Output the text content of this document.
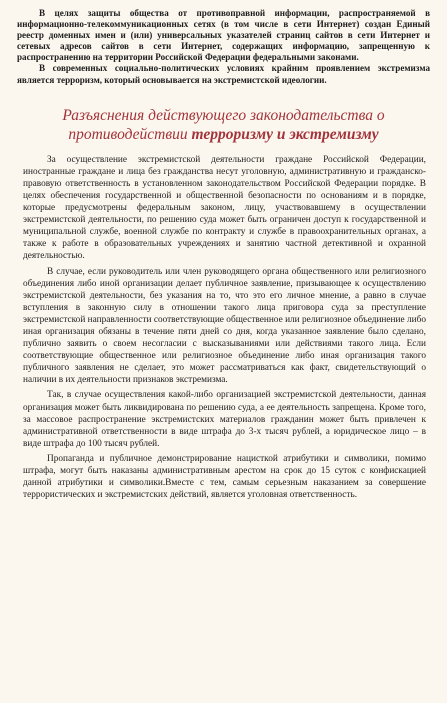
В целях защиты общества от противоправной информации, распространяемой в информационно-телекоммуникационных сетях (в том числе в сети Интернет) создан Единый реестр доменных имен и (или) универсальных указателей страниц сайтов в сети Интернет и сетевых адресов сайтов в сети Интернет, содержащих информацию, запрещенную к распространению на территории Российской Федерации федеральными законами.

В современных социально-политических условиях крайним проявлением экстремизма является терроризм, который основывается на экстремистской идеологии.

Разъяснения действующего законодательства о
противодействии терроризму и экстремизму

За осуществление экстремистской деятельности граждане Российской Федерации, иностранные граждане и лица без гражданства несут уголовную, административную и гражданско-правовую ответственность в установленном законодательством Российской Федерации порядке. В целях обеспечения государственной и общественной безопасности по основаниям и в порядке, которые предусмотрены федеральным законом, лицу, участвовавшему в осуществлении экстремистской деятельности, по решению суда может быть ограничен доступ к государственной и муниципальной службе, военной службе по контракту и службе в правоохранительных органах, а также к работе в образовательных учреждениях и занятию частной детективной и охранной деятельностью.

В случае, если руководитель или член руководящего органа общественного или религиозного объединения либо иной организации делает публичное заявление, призывающее к осуществлению экстремистской деятельности, без указания на то, что это его личное мнение, а равно в случае вступления в законную силу в отношении такого лица приговора суда за преступление экстремистской направленности соответствующие общественное или религиозное объединение либо иная организация обязаны в течение пяти дней со дня, когда указанное заявление было сделано, публично заявить о своем несогласии с высказываниями или действиями такого лица. Если соответствующие общественное или религиозное объединение либо иная организация такого публичного заявления не сделает, это может рассматриваться как факт, свидетельствующий о наличии в их деятельности признаков экстремизма.

Так, в случае осуществления какой-либо организацией экстремистской деятельности, данная организация может быть ликвидирована по решению суда, а ее деятельность запрещена. Кроме того, за массовое распространение экстремистских материалов гражданин может быть привлечен к административной ответственности в виде штрафа до 3-х тысяч рублей, а юридическое лицо – в виде штрафа до 100 тысяч рублей.

Пропаганда и публичное демонстрирование нацисткой атрибутики и символики, помимо штрафа, могут быть наказаны административным арестом на срок до 15 суток с конфискацией данной атрибутики и символики.Вместе с тем, самым серьезным наказанием за совершение террористических и экстремистских действий, является уголовная ответственность.
